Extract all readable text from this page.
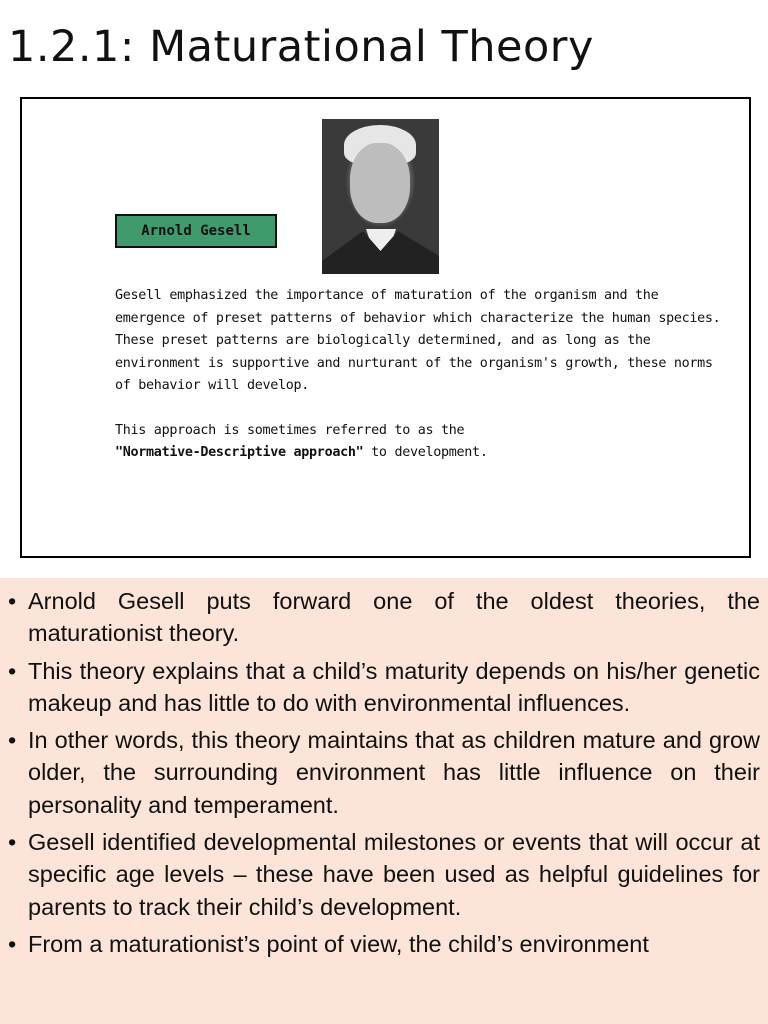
1.2.1: Maturational Theory
Arnold Gesell

Gesell emphasized the importance of maturation of the organism and the emergence of preset patterns of behavior which characterize the human species. These preset patterns are biologically determined, and as long as the environment is supportive and nurturant of the organism's growth, these norms of behavior will develop.

This approach is sometimes referred to as the
"Normative-Descriptive approach" to development.

• Arnold Gesell puts forward one of the oldest theories, the maturationist theory.
• This theory explains that a child’s maturity depends on his/her genetic makeup and has little to do with environmental influences.
• In other words, this theory maintains that as children mature and grow older, the surrounding environment has little influence on their personality and temperament.
• Gesell identified developmental milestones or events that will occur at specific age levels – these have been used as helpful guidelines for parents to track their child’s development.
• From a maturationist’s point of view, the child’s environment
